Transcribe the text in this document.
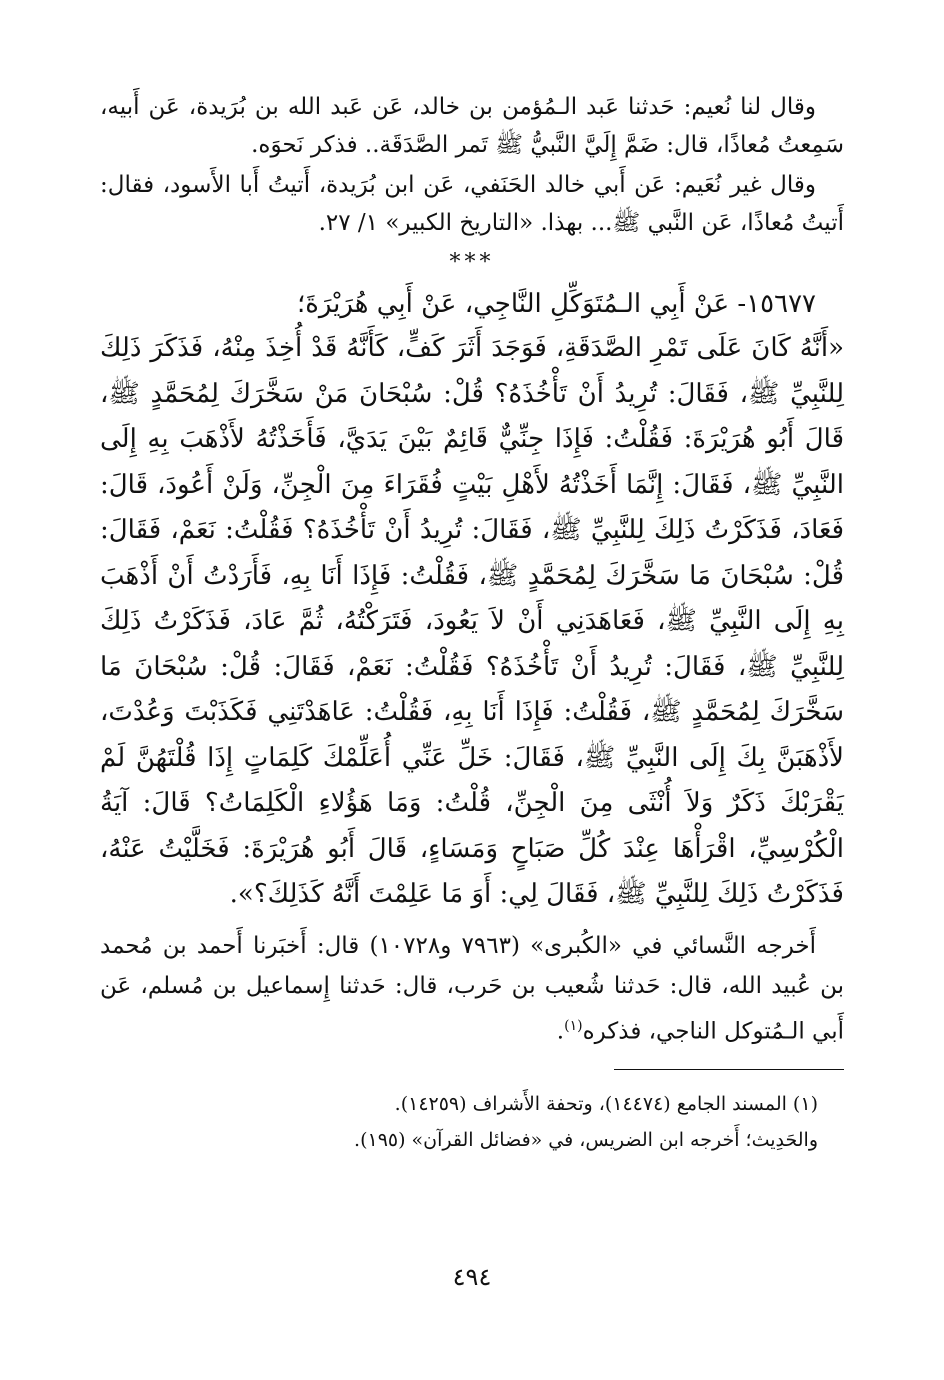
وقال لنا نُعيم: حَدثنا عَبد الـمُؤمن بن خالد، عَن عَبد الله بن بُرَيدة، عَن أَبيه، سَمِعتُ مُعاذًا، قال: ضَمَّ إِلَيَّ النَّبيُّ ﷺ تَمر الصَّدَقَة.. فذكر نَحوَه.

وقال غير نُعَيم: عَن أَبي خالد الحَنَفي، عَن ابن بُرَيدة، أَتيتُ أَبا الأَسود، فقال: أَتيتُ مُعاذًا، عَن النَّبي ﷺ... بهذا. «التاريخ الكبير» ١/ ٢٧.

***

١٥٦٧٧- عَنْ أَبِي الـمُتَوَكِّلِ النَّاجِي، عَنْ أَبِي هُرَيْرَةَ؛

«أَنَّهُ كَانَ عَلَى تَمْرِ الصَّدَقَةِ، فَوَجَدَ أَثَرَ كَفٍّ، كَأَنَّهُ قَدْ أُخِذَ مِنْهُ، فَذَكَرَ ذَلِكَ لِلنَّبِيِّ ﷺ، فَقَالَ: تُرِيدُ أَنْ تَأْخُذَهُ؟ قُلْ: سُبْحَانَ مَنْ سَخَّرَكَ لِمُحَمَّدٍ ﷺ، قَالَ أَبُو هُرَيْرَةَ: فَقُلْتُ: فَإِذَا جِنِّيٌّ قَائِمٌ بَيْنَ يَدَيَّ، فَأَخَذْتُهُ لأَذْهَبَ بِهِ إِلَى النَّبِيِّ ﷺ، فَقَالَ: إِنَّمَا أَخَذْتُهُ لأَهْلِ بَيْتٍ فُقَرَاءَ مِنَ الْجِنِّ، وَلَنْ أَعُودَ، قَالَ: فَعَادَ، فَذَكَرْتُ ذَلِكَ لِلنَّبِيِّ ﷺ، فَقَالَ: تُرِيدُ أَنْ تَأْخُذَهُ؟ فَقُلْتُ: نَعَمْ، فَقَالَ: قُلْ: سُبْحَانَ مَا سَخَّرَكَ لِمُحَمَّدٍ ﷺ، فَقُلْتُ: فَإِذَا أَنَا بِهِ، فَأَرَدْتُ أَنْ أَذْهَبَ بِهِ إِلَى النَّبِيِّ ﷺ، فَعَاهَدَنِي أَنْ لاَ يَعُودَ، فَتَرَكْتُهُ، ثُمَّ عَادَ، فَذَكَرْتُ ذَلِكَ لِلنَّبِيِّ ﷺ، فَقَالَ: تُرِيدُ أَنْ تَأْخُذَهُ؟ فَقُلْتُ: نَعَمْ، فَقَالَ: قُلْ: سُبْحَانَ مَا سَخَّرَكَ لِمُحَمَّدٍ ﷺ، فَقُلْتُ: فَإِذَا أَنَا بِهِ، فَقُلْتُ: عَاهَدْتَنِي فَكَذَبْتَ وَعُدْتَ، لأَذْهَبَنَّ بِكَ إِلَى النَّبِيِّ ﷺ، فَقَالَ: خَلِّ عَنِّي أُعَلِّمْكَ كَلِمَاتٍ إِذَا قُلْتَهُنَّ لَمْ يَقْرَبْكَ ذَكَرٌ وَلاَ أُنْثَى مِنَ الْجِنِّ، قُلْتُ: وَمَا هَؤُلاءِ الْكَلِمَاتُ؟ قَالَ: آيَةُ الْكُرْسِيِّ، اقْرَأْهَا عِنْدَ كُلِّ صَبَاحٍ وَمَسَاءٍ، قَالَ أَبُو هُرَيْرَةَ: فَخَلَّيْتُ عَنْهُ، فَذَكَرْتُ ذَلِكَ لِلنَّبِيِّ ﷺ، فَقَالَ لِي: أَوَ مَا عَلِمْتَ أَنَّهُ كَذَلِكَ؟».

أَخرجه النَّسائي في «الكُبرى» (٧٩٦٣ و١٠٧٢٨) قال: أَخبَرنا أَحمد بن مُحمد بن عُبيد الله، قال: حَدثنا شُعيب بن حَرب، قال: حَدثنا إِسماعيل بن مُسلم، عَن أَبي الـمُتوكل الناجي، فذكره$^{(١)}$.

(١) المسند الجامع (١٤٤٧٤)، وتحفة الأَشراف (١٤٢٥٩).

والحَدِيث؛ أَخرجه ابن الضريس، في «فضائل القرآن» (١٩٥).

٤٩٤
